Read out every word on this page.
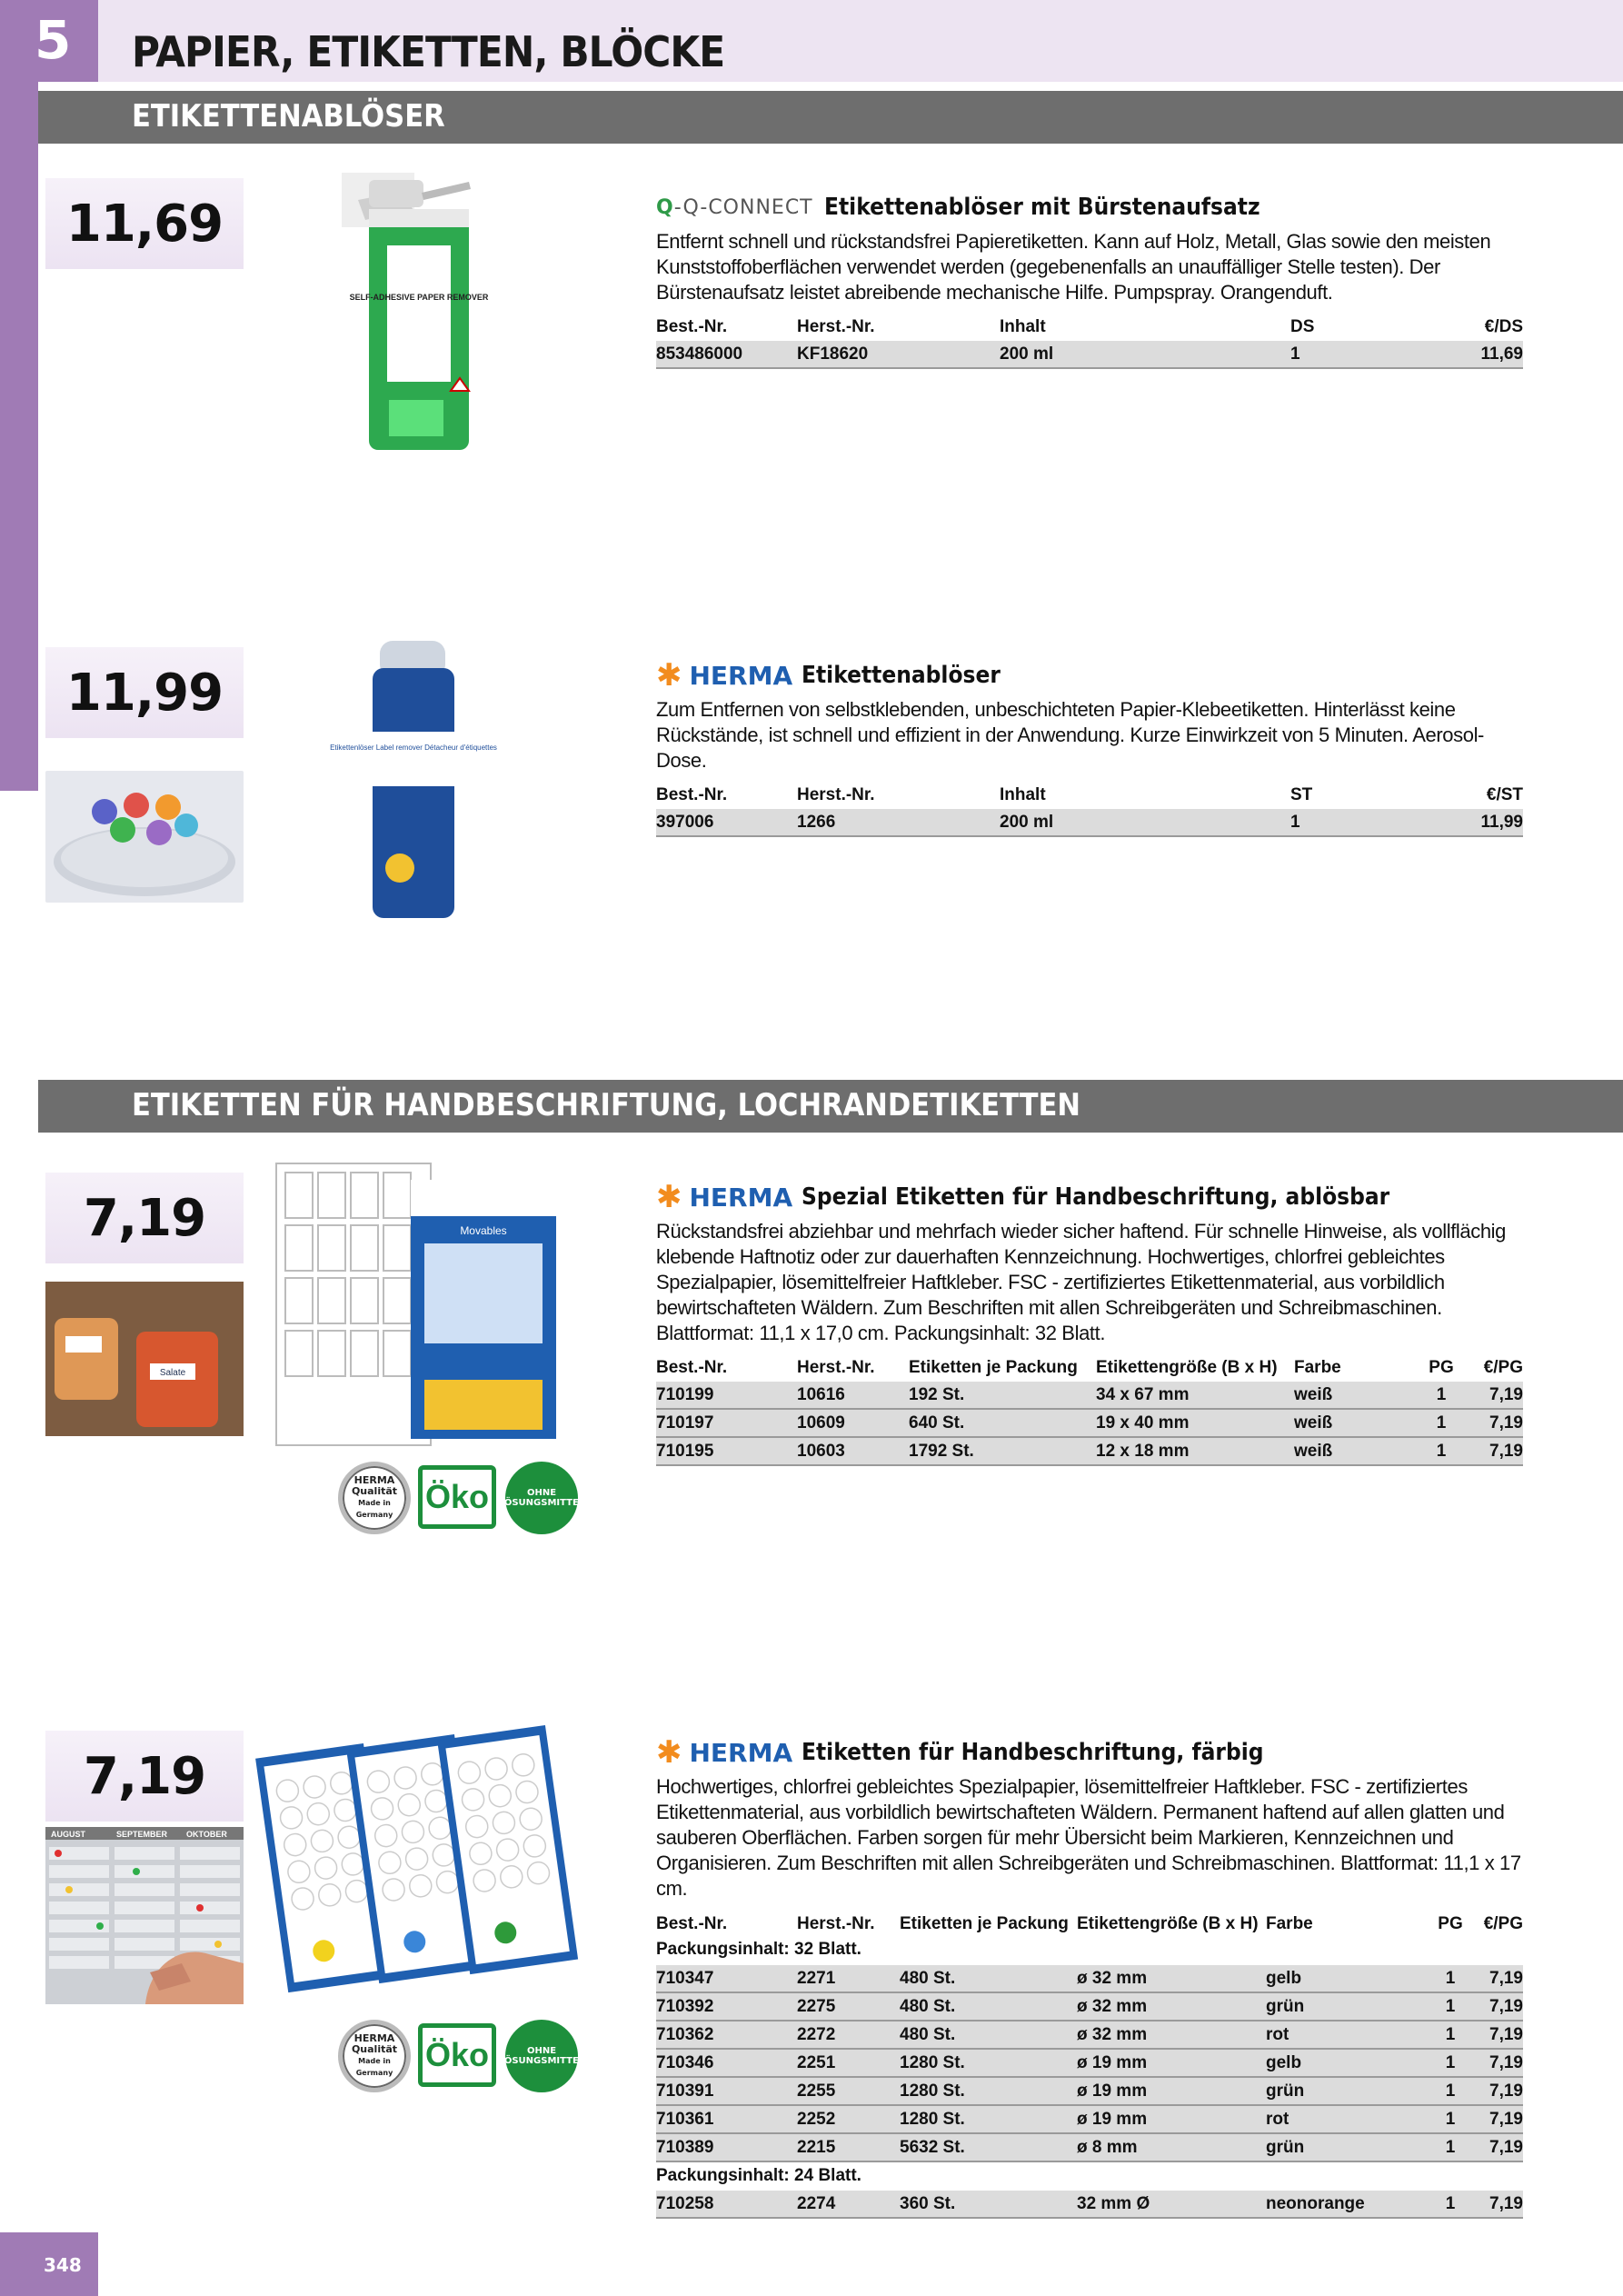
5	PAPIER, ETIKETTEN, BLÖCKE
ETIKETTENABLÖSER
11,69
SELF-ADHESIVE PAPER REMOVER
Q-Q-CONNECT Etikettenablöser mit Bürstenaufsatz
Entfernt schnell und rückstandsfrei Papieretiketten. Kann auf Holz, Metall, Glas sowie den meisten Kunststoffoberflächen verwendet werden (gegebenenfalls an unauffälliger Stelle testen). Der Bürstenaufsatz leistet abreibende mechanische Hilfe. Pumpspray. Orangenduft.
Best.-Nr.	Herst.-Nr.	Inhalt	DS	€/DS
853486000	KF18620	200 ml	1	11,69
11,99
Etikettenlöser Label remover Détacheur d'étiquettes
✱ HERMA Etikettenablöser
Zum Entfernen von selbstklebenden, unbeschichteten Papier-Klebeetiketten. Hinterlässt keine Rückstände, ist schnell und effizient in der Anwendung. Kurze Einwirkzeit von 5 Minuten. Aerosol-Dose.
Best.-Nr.	Herst.-Nr.	Inhalt	ST	€/ST
397006	1266	200 ml	1	11,99
ETIKETTEN FÜR HANDBESCHRIFTUNG, LOCHRANDETIKETTEN
7,19
Salate
Movables
HERMA Qualität
Made in Germany Öko	OHNE LÖSUNGSMITTEL
✱ HERMA Spezial Etiketten für Handbeschriftung, ablösbar
Rückstandsfrei abziehbar und mehrfach wieder sicher haftend. Für schnelle Hinweise, als vollflächig klebende Haftnotiz oder zur dauerhaften Kennzeichnung. Hochwertiges, chlorfrei gebleichtes Spezialpapier, lösemittelfreier Haftkleber. FSC - zertifiziertes Etikettenmaterial, aus vorbildlich bewirtschafteten Wäldern. Zum Beschriften mit allen Schreibgeräten und Schreibmaschinen. Blattformat: 11,1 x 17,0 cm. Packungsinhalt: 32 Blatt.
Best.-Nr.	Herst.-Nr.	Etiketten je Packung	Etikettengröße (B x H)	Farbe	PG	€/PG
710199	10616	192 St.	34 x 67 mm	weiß	1	7,19
710197	10609	640 St.	19 x 40 mm	weiß	1	7,19
710195	10603	1792 St.	12 x 18 mm	weiß	1	7,19
7,19
AUGUST	SEPTEMBER OKTOBER
HERMA Qualität
Made in Germany Öko	OHNE LÖSUNGSMITTEL
✱ HERMA Etiketten für Handbeschriftung, färbig
Hochwertiges, chlorfrei gebleichtes Spezialpapier, lösemittelfreier Haftkleber. FSC - zertifiziertes Etikettenmaterial, aus vorbildlich bewirtschafteten Wäldern. Permanent haftend auf allen glatten und sauberen Oberflächen. Farben sorgen für mehr Übersicht beim Markieren, Kennzeichnen und Organisieren. Zum Beschriften mit allen Schreibgeräten und Schreibmaschinen. Blattformat: 11,1 x 17 cm.
Best.-Nr.	Herst.-Nr.	Etiketten je Packung	Etikettengröße (B x H)	Farbe	PG	€/PG
Packungsinhalt: 32 Blatt.						
710347	2271	480 St.	ø 32 mm	gelb	1	7,19
710392	2275	480 St.	ø 32 mm	grün	1	7,19
710362	2272	480 St.	ø 32 mm	rot	1	7,19
710346	2251	1280 St.	ø 19 mm	gelb	1	7,19
710391	2255	1280 St.	ø 19 mm	grün	1	7,19
710361	2252	1280 St.	ø 19 mm	rot	1	7,19
710389	2215	5632 St.	ø 8 mm	grün	1	7,19
Packungsinhalt: 24 Blatt.						
710258	2274	360 St.	32 mm Ø	neonorange	1	7,19
348
